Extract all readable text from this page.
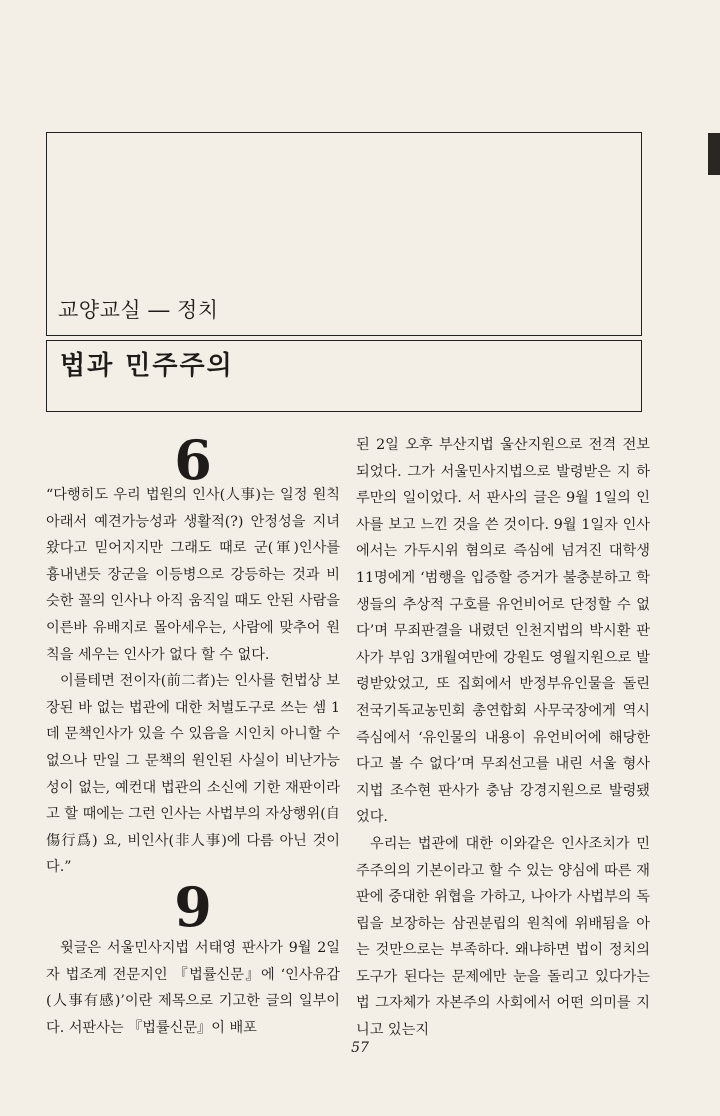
교양교실 ― 정치
법과 민주주의
6

“다행히도 우리 법원의 인사(人事)는 일정 원칙 아래서 예견가능성과 생활적(?) 안정성을 지녀왔다고 믿어지지만 그래도 때로 군(軍)인사를 흉내낸듯 장군을 이등병으로 강등하는 것과 비슷한 꼴의 인사나 아직 움직일 때도 안된 사람을 이른바 유배지로 몰아세우는, 사람에 맞추어 원칙을 세우는 인사가 없다 할 수 없다.

이를테면 전이자(前二者)는 인사를 헌법상 보장된 바 없는 법관에 대한 처벌도구로 쓰는 셈 1데 문책인사가 있을 수 있음을 시인치 아니할 수 없으나 만일 그 문책의 원인된 사실이 비난가능성이 없는, 예컨대 법관의 소신에 기한 재판이라고 할 때에는 그런 인사는 사법부의 자상행위(自傷行爲) 요, 비인사(非人事)에 다름 아닌 것이다.”

9

윗글은 서울민사지법 서태영 판사가 9월 2일자 법조계 전문지인 『법률신문』에 ‘인사유감(人事有感)’이란 제목으로 기고한 글의 일부이다. 서판사는 『법률신문』이 배포

된 2일 오후 부산지법 울산지원으로 전격 전보되었다. 그가 서울민사지법으로 발령받은 지 하루만의 일이었다. 서 판사의 글은 9월 1일의 인사를 보고 느낀 것을 쓴 것이다. 9월 1일자 인사에서는 가두시위 혐의로 즉심에 넘겨진 대학생 11명에게 ‘범행을 입증할 증거가 불충분하고 학생들의 추상적 구호를 유언비어로 단정할 수 없다’며 무죄판결을 내렸던 인천지법의 박시환 판사가 부임 3개월여만에 강원도 영월지원으로 발령받았었고, 또 집회에서 반정부유인물을 돌린 전국기독교농민회 총연합회 사무국장에게 역시 즉심에서 ‘유인물의 내용이 유언비어에 해당한다고 볼 수 없다’며 무죄선고를 내린 서울 형사지법 조수현 판사가 충남 강경지원으로 발령됐었다.

우리는 법관에 대한 이와같은 인사조치가 민주주의의 기본이라고 할 수 있는 양심에 따른 재판에 중대한 위협을 가하고, 나아가 사법부의 독립을 보장하는 삼권분립의 원칙에 위배됨을 아는 것만으로는 부족하다. 왜냐하면 법이 정치의 도구가 된다는 문제에만 눈을 돌리고 있다가는 법 그자체가 자본주의 사회에서 어떤 의미를 지니고 있는지

57
